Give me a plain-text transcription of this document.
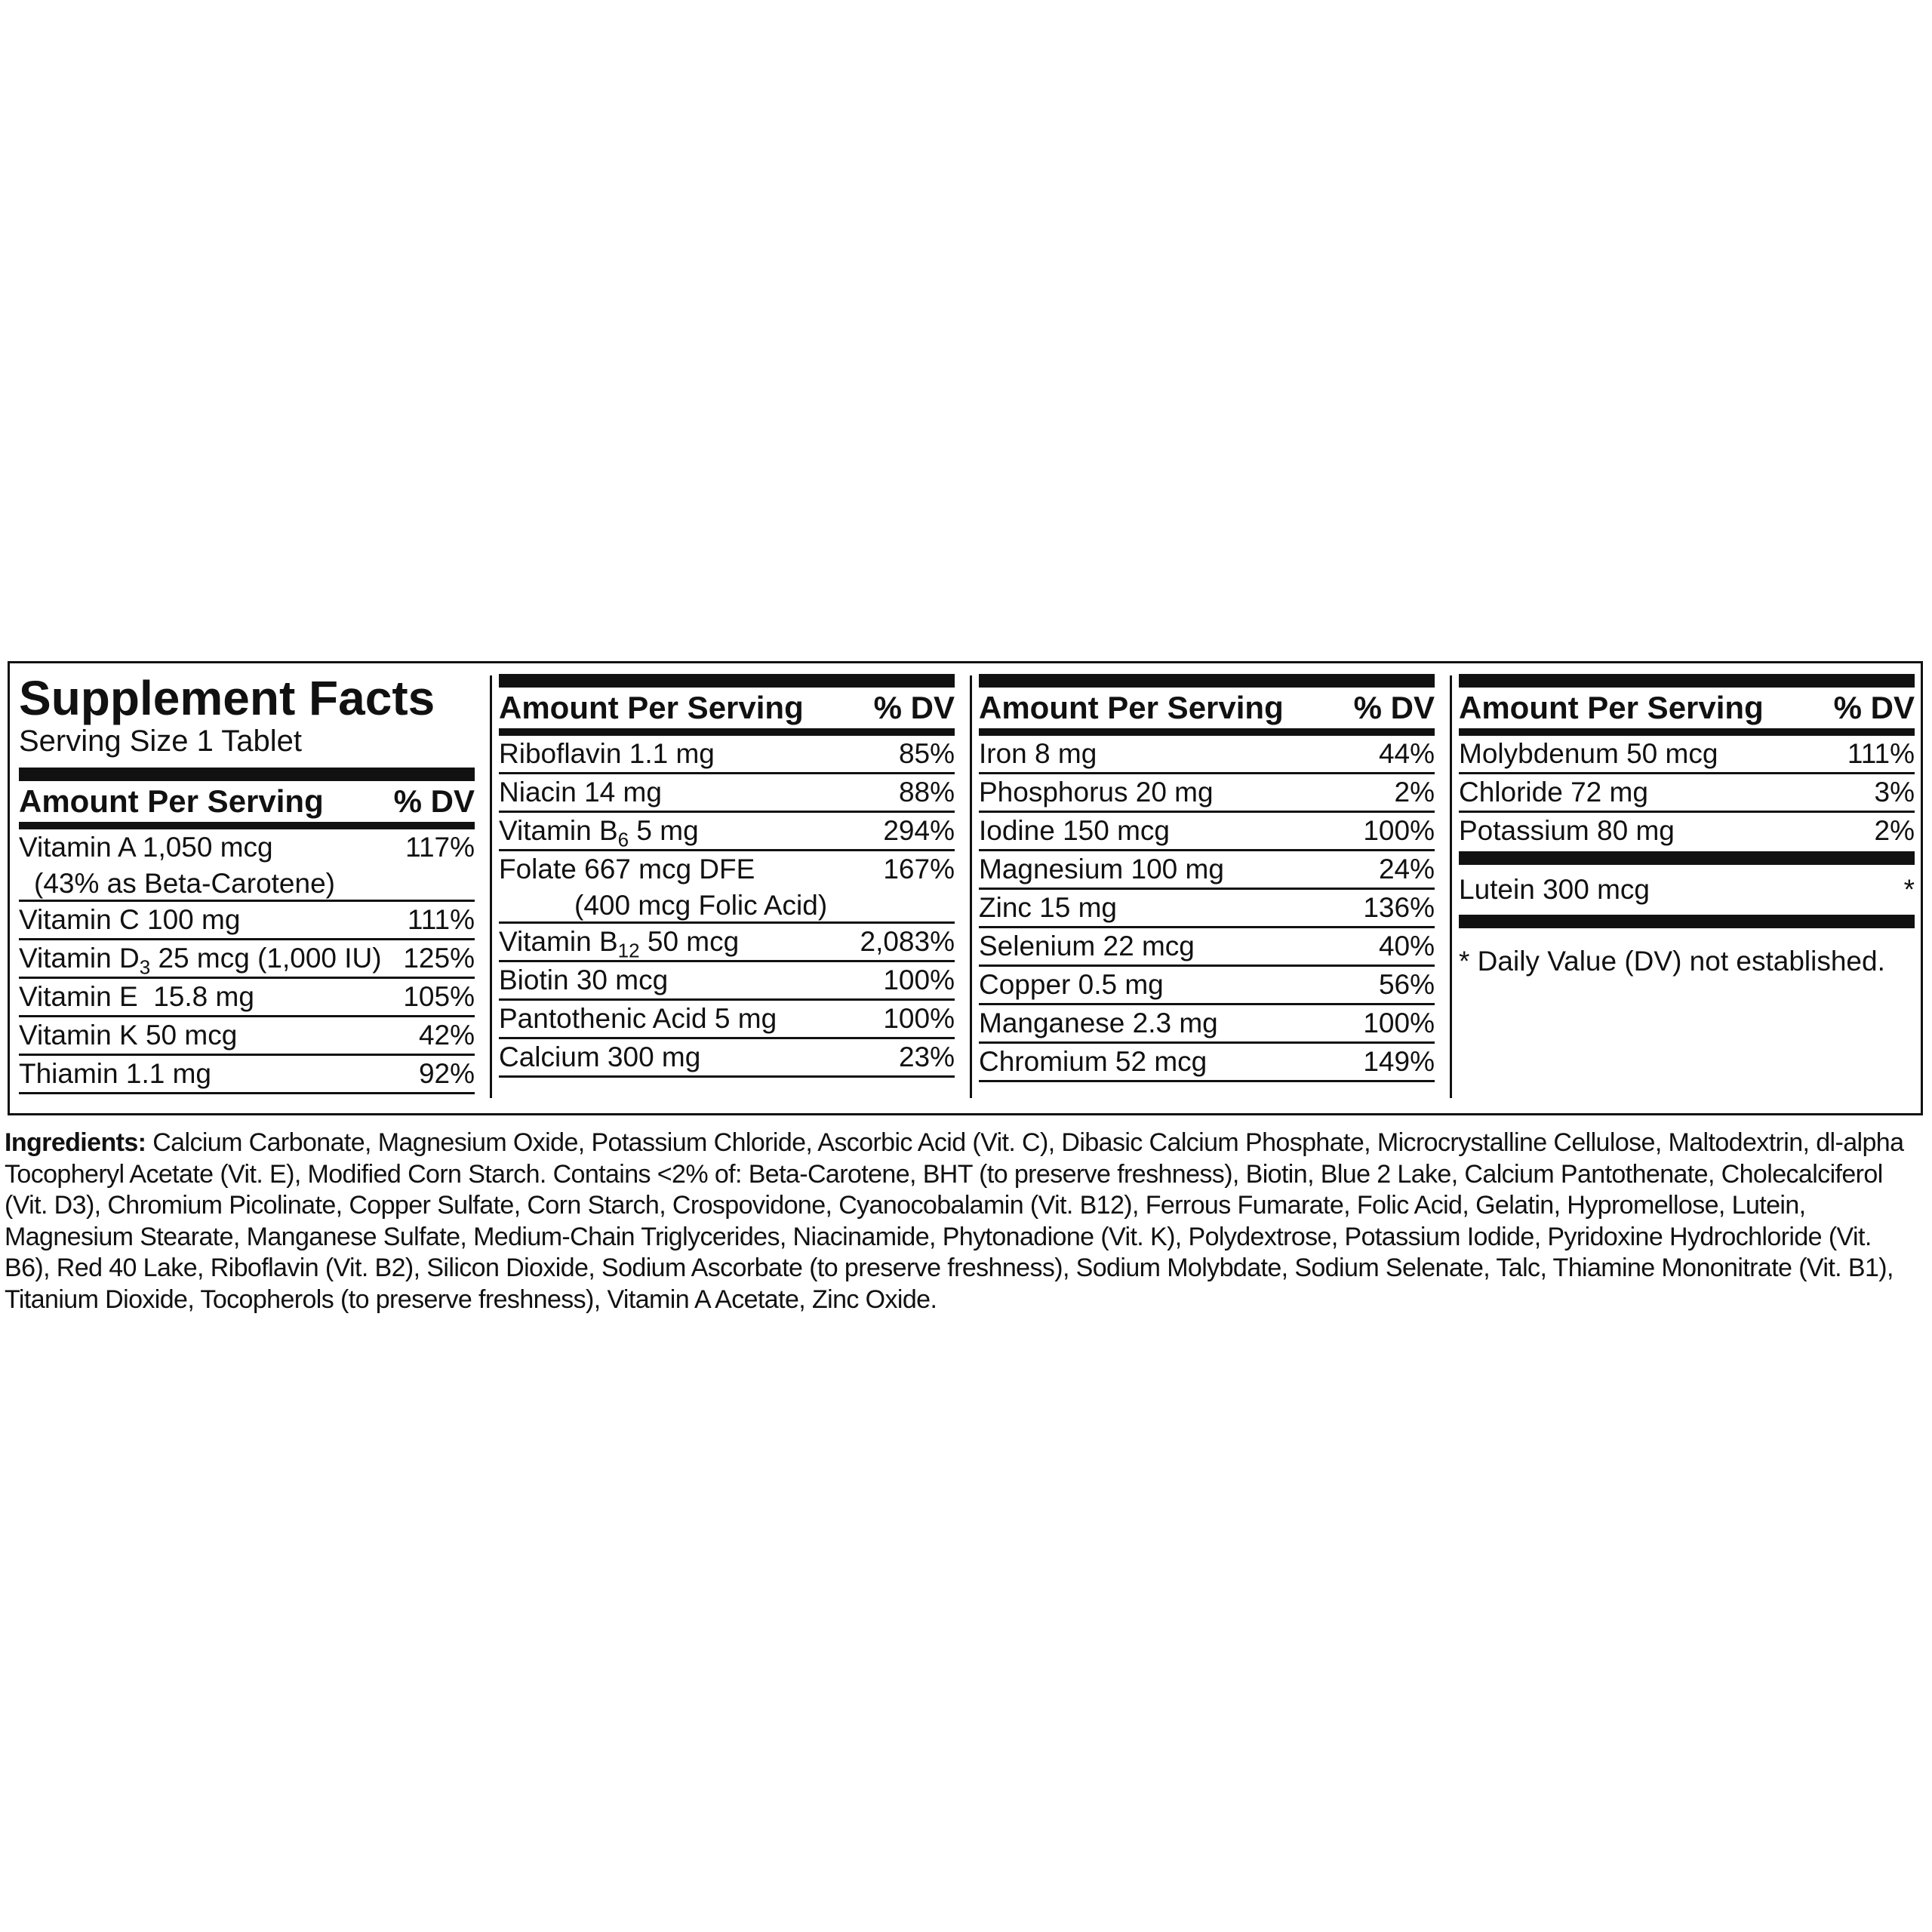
Supplement Facts
Serving Size 1 Tablet
Amount Per Serving % DV
Vitamin A 1,050 mcg
(43% as Beta-Carotene)
117%
Vitamin C 100 mg	111%
Vitamin $D_3$ 25 mcg (1,000 IU) 125%
Vitamin E  15.8 mg	105%
Vitamin K 50 mcg	42%
Thiamin 1.1 mg	92%
Amount Per Serving % DV
Riboflavin 1.1 mg	85%
Niacin 14 mg	88%
Vitamin $B_6$ 5 mg	294%
Folate 667 mcg DFE
(400 mcg Folic Acid)
167%
Vitamin $B_{12}$ 50 mcg	2,083%
Biotin 30 mcg	100%
Pantothenic Acid 5 mg	100%
Calcium 300 mg	23%
Amount Per Serving % DV
Iron 8 mg	44%
Phosphorus 20 mg	2%
Iodine 150 mcg	100%
Magnesium 100 mg	24%
Zinc 15 mg	136%
Selenium 22 mcg	40%
Copper 0.5 mg	56%
Manganese 2.3 mg	100%
Chromium 52 mcg	149%
Amount Per Serving % DV
Molybdenum 50 mcg	111%
Chloride 72 mg	3%
Potassium 80 mg	2%
Lutein 300 mcg	*
* Daily Value (DV) not established.
Ingredients: Calcium Carbonate, Magnesium Oxide, Potassium Chloride, Ascorbic Acid (Vit. C), Dibasic Calcium Phosphate, Microcrystalline Cellulose, Maltodextrin, dl-alpha Tocopheryl Acetate (Vit. E), Modified Corn Starch. Contains <2% of: Beta-Carotene, BHT (to preserve freshness), Biotin, Blue 2 Lake, Calcium Pantothenate, Cholecalciferol (Vit. D3), Chromium Picolinate, Copper Sulfate, Corn Starch, Crospovidone, Cyanocobalamin (Vit. B12), Ferrous Fumarate, Folic Acid, Gelatin, Hypromellose, Lutein, Magnesium Stearate, Manganese Sulfate, Medium-Chain Triglycerides, Niacinamide, Phytonadione (Vit. K), Polydextrose, Potassium Iodide, Pyridoxine Hydrochloride (Vit. B6), Red 40 Lake, Riboflavin (Vit. B2), Silicon Dioxide, Sodium Ascorbate (to preserve freshness), Sodium Molybdate, Sodium Selenate, Talc, Thiamine Mononitrate (Vit. B1), Titanium Dioxide, Tocopherols (to preserve freshness), Vitamin A Acetate, Zinc Oxide.
